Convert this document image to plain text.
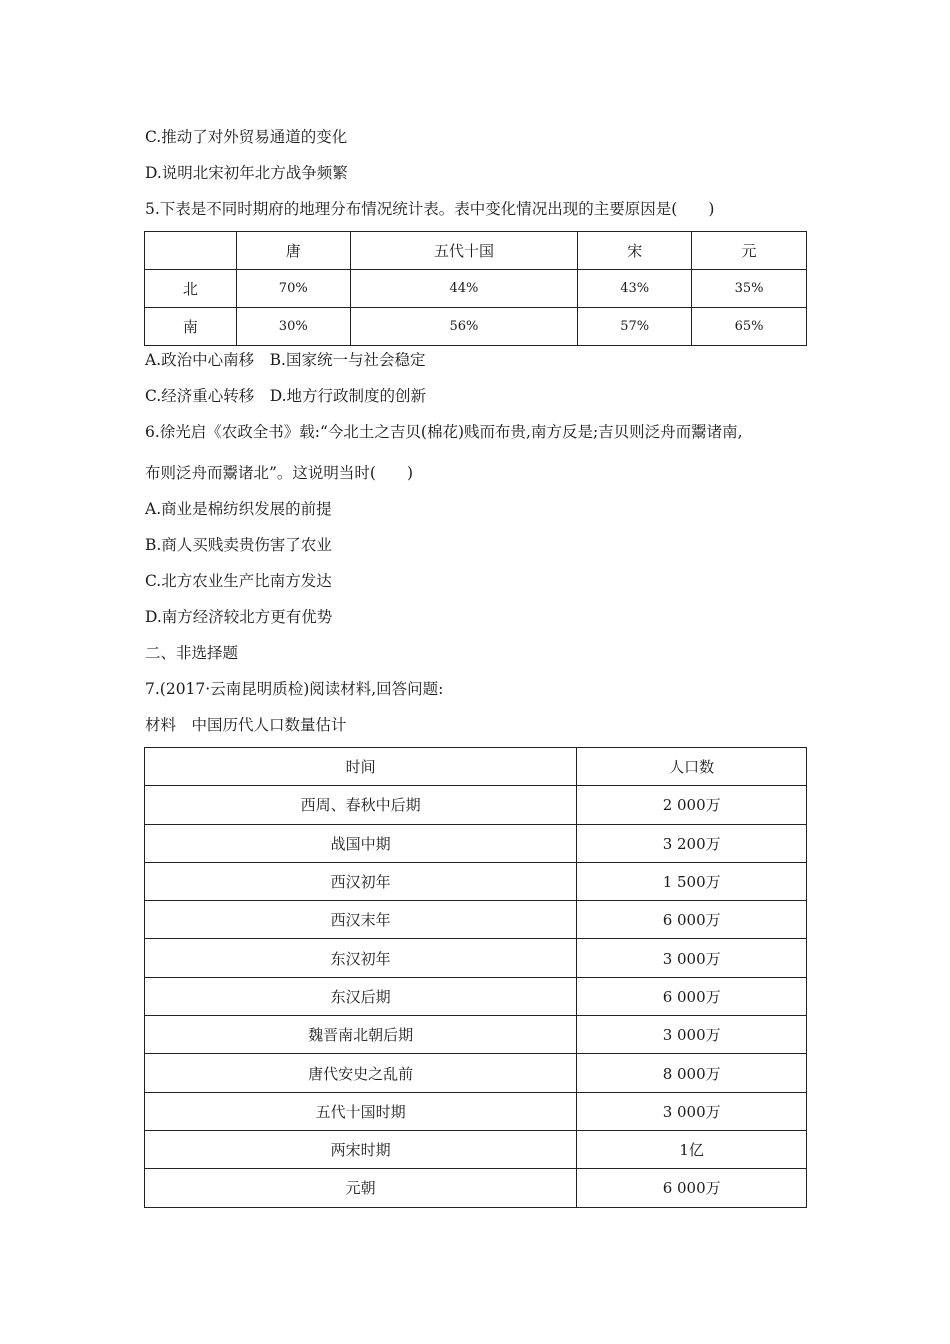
C.推动了对外贸易通道的变化
D.说明北宋初年北方战争频繁
5.下表是不同时期府的地理分布情况统计表。表中变化情况出现的主要原因是(　　)
	唐	五代十国	宋	元
北	70%	44%	43%	35%
南	30%	56%	57%	65%
A.政治中心南移　B.国家统一与社会稳定
C.经济重心转移　D.地方行政制度的创新
6.徐光启《农政全书》载:“今北土之吉贝(棉花)贱而布贵,南方反是;吉贝则泛舟而鬻诸南,
布则泛舟而鬻诸北”。这说明当时(　　)
A.商业是棉纺织发展的前提
B.商人买贱卖贵伤害了农业
C.北方农业生产比南方发达
D.南方经济较北方更有优势
二、非选择题
7.(2017·云南昆明质检)阅读材料,回答问题:
材料　中国历代人口数量估计
时间	人口数
西周、春秋中后期	2 000万
战国中期	3 200万
西汉初年	1 500万
西汉末年	6 000万
东汉初年	3 000万
东汉后期	6 000万
魏晋南北朝后期	3 000万
唐代安史之乱前	8 000万
五代十国时期	3 000万
两宋时期	1亿
元朝	6 000万
